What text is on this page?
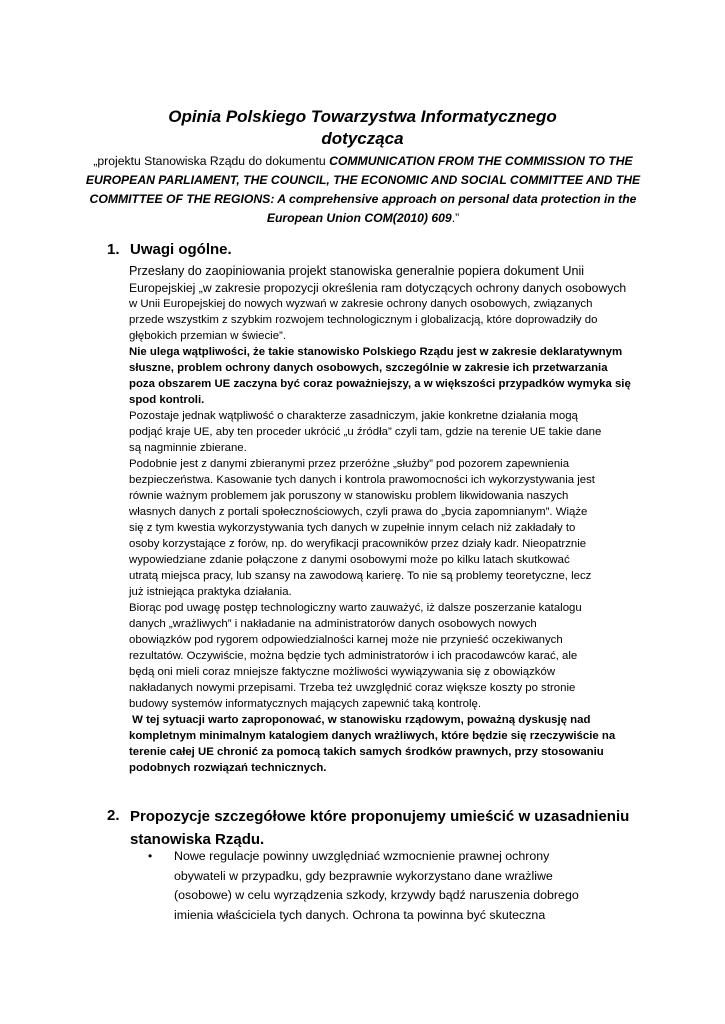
Opinia Polskiego Towarzystwa Informatycznego
dotycząca
„projektu Stanowiska Rządu do dokumentu COMMUNICATION FROM THE COMMISSION TO THE EUROPEAN PARLIAMENT, THE COUNCIL, THE ECONOMIC AND SOCIAL COMMITTEE AND THE COMMITTEE OF THE REGIONS: A comprehensive approach on personal data protection in the European Union COM(2010) 609.”
1. Uwagi ogólne.
Przesłany do zaopiniowania projekt stanowiska generalnie popiera dokument Unii
Europejskiej „w zakresie propozycji określenia ram dotyczących ochrony danych osobowych
w Unii Europejskiej do nowych wyzwań w zakresie ochrony danych osobowych, związanych
przede wszystkim z szybkim rozwojem technologicznym i globalizacją, które doprowadziły do
głębokich przemian w świecie”.
Nie ulega wątpliwości, że takie stanowisko Polskiego Rządu jest w zakresie deklaratywnym
słuszne, problem ochrony danych osobowych, szczególnie w zakresie ich przetwarzania
poza obszarem UE zaczyna być coraz poważniejszy, a w większości przypadków wymyka się
spod kontroli.
Pozostaje jednak wątpliwość o charakterze zasadniczym, jakie konkretne działania mogą
podjąć kraje UE, aby ten proceder ukrócić „u źródła” czyli tam, gdzie na terenie UE takie dane
są nagminnie zbierane.
Podobnie jest z danymi zbieranymi przez przeróżne „służby” pod pozorem zapewnienia
bezpieczeństwa. Kasowanie tych danych i kontrola prawomocności ich wykorzystywania jest
równie ważnym problemem jak poruszony w stanowisku problem likwidowania naszych
własnych danych z portali społecznościowych, czyli prawa do „bycia zapomnianym”. Wiąże
się z tym kwestia wykorzystywania tych danych w zupełnie innym celach niż zakładały to
osoby korzystające z forów, np. do weryfikacji pracowników przez działy kadr. Nieopatrznie
wypowiedziane zdanie połączone z danymi osobowymi może po kilku latach skutkować
utratą miejsca pracy, lub szansy na zawodową karierę. To nie są problemy teoretyczne, lecz
już istniejąca praktyka działania.
Biorąc pod uwagę postęp technologiczny warto zauważyć, iż dalsze poszerzanie katalogu
danych „wrażliwych” i nakładanie na administratorów danych osobowych nowych
obowiązków pod rygorem odpowiedzialności karnej może nie przynieść oczekiwanych
rezultatów. Oczywiście, można będzie tych administratorów i ich pracodawców karać, ale
będą oni mieli coraz mniejsze faktyczne możliwości wywiązywania się z obowiązków
nakładanych nowymi przepisami. Trzeba też uwzględnić coraz większe koszty po stronie
budowy systemów informatycznych mających zapewnić taką kontrolę.
W tej sytuacji warto zaproponować, w stanowisku rządowym, poważną dyskusję nad
kompletnym minimalnym katalogiem danych wrażliwych, które będzie się rzeczywiście na
terenie całej UE chronić za pomocą takich samych środków prawnych, przy stosowaniu
podobnych rozwiązań technicznych.
2. Propozycje szczegółowe które proponujemy umieścić w uzasadnieniu
stanowiska Rządu.
• Nowe regulacje powinny uwzględniać wzmocnienie prawnej ochrony
obywateli w przypadku, gdy bezprawnie wykorzystano dane wrażliwe
(osobowe) w celu wyrządzenia szkody, krzywdy bądź naruszenia dobrego
imienia właściciela tych danych. Ochrona ta powinna być skuteczna
